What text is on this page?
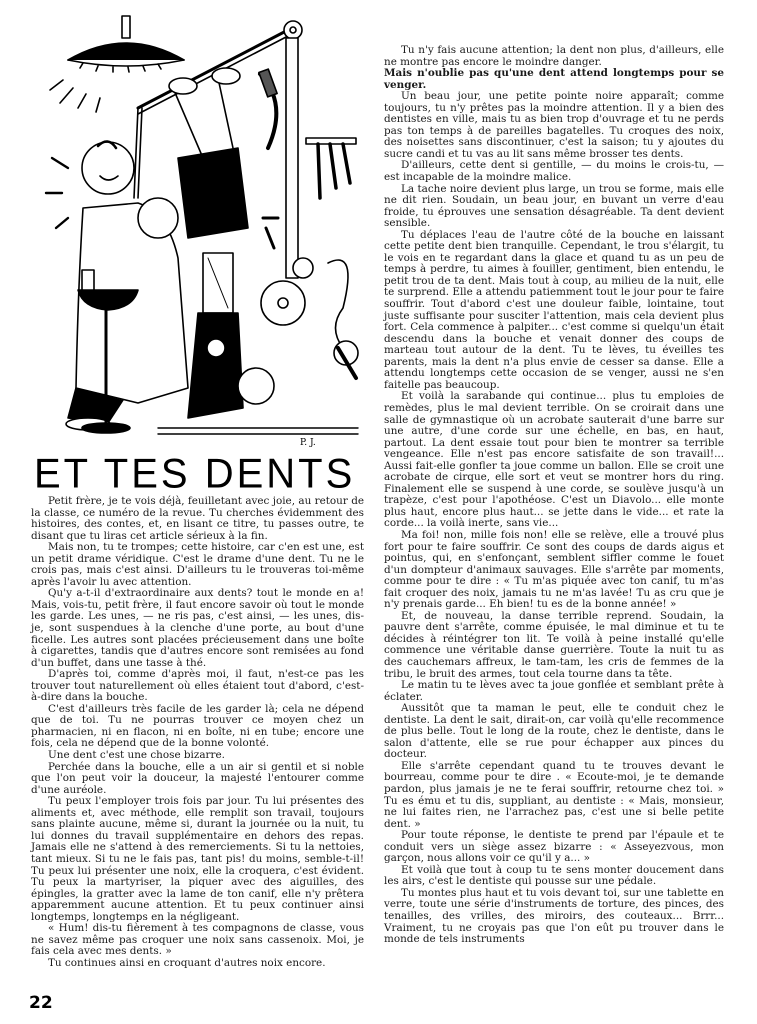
P. J.
ET TES DENTS

Petit frère, je te vois déjà, feuilletant avec joie, au retour de la classe, ce numéro de la revue. Tu cherches évidemment des histoires, des contes, et, en lisant ce titre, tu passes outre, te disant que tu liras cet article sérieux à la fin.

Mais non, tu te trompes; cette histoire, car c'en est une, est un petit drame véridique. C'est le drame d'une dent. Tu ne le crois pas, mais c'est ainsi. D'ailleurs tu le trouveras toi-même après l'avoir lu avec attention.

Qu'y a-t-il d'extraordinaire aux dents? tout le monde en a! Mais, vois-tu, petit frère, il faut encore savoir où tout le monde les garde. Les unes, — ne ris pas, c'est ainsi, — les unes, dis-je, sont suspendues à la clenche d'une porte, au bout d'une ficelle. Les autres sont placées précieusement dans une boîte à cigarettes, tandis que d'autres encore sont remisées au fond d'un buffet, dans une tasse à thé.

D'après toi, comme d'après moi, il faut, n'est-ce pas les trouver tout naturellement où elles étaient tout d'abord, c'est-à-dire dans la bouche.

C'est d'ailleurs très facile de les garder là; cela ne dépend que de toi. Tu ne pourras trouver ce moyen chez un pharmacien, ni en flacon, ni en boîte, ni en tube; encore une fois, cela ne dépend que de la bonne volonté.

Une dent c'est une chose bizarre.

Perchée dans la bouche, elle a un air si gentil et si noble que l'on peut voir la douceur, la majesté l'entourer comme d'une auréole.

Tu peux l'employer trois fois par jour. Tu lui présentes des aliments et, avec méthode, elle remplit son travail, toujours sans plainte aucune, même si, durant la journée ou la nuit, tu lui donnes du travail supplémentaire en dehors des repas. Jamais elle ne s'attend à des remerciements. Si tu la nettoies, tant mieux. Si tu ne le fais pas, tant pis! du moins, semble-t-il! Tu peux lui présenter une noix, elle la croquera, c'est évident. Tu peux la martyriser, la piquer avec des aiguilles, des épingles, la gratter avec la lame de ton canif, elle n'y prêtera apparemment aucune attention. Et tu peux continuer ainsi longtemps, longtemps en la négligeant.

« Hum! dis-tu fièrement à tes compagnons de classe, vous ne savez même pas croquer une noix sans cassenoix. Moi, je fais cela avec mes dents. »

Tu continues ainsi en croquant d'autres noix encore.

Tu n'y fais aucune attention; la dent non plus, d'ailleurs, elle ne montre pas encore le moindre danger.

Mais n'oublie pas qu'une dent attend longtemps pour se venger.

Un beau jour, une petite pointe noire apparaît; comme toujours, tu n'y prêtes pas la moindre attention. Il y a bien des dentistes en ville, mais tu as bien trop d'ouvrage et tu ne perds pas ton temps à de pareilles bagatelles. Tu croques des noix, des noisettes sans discontinuer, c'est la saison; tu y ajoutes du sucre candi et tu vas au lit sans même brosser tes dents.

D'ailleurs, cette dent si gentille, — du moins le crois-tu, — est incapable de la moindre malice.

La tache noire devient plus large, un trou se forme, mais elle ne dit rien. Soudain, un beau jour, en buvant un verre d'eau froide, tu éprouves une sensation désagréable. Ta dent devient sensible.

Tu déplaces l'eau de l'autre côté de la bouche en laissant cette petite dent bien tranquille. Cependant, le trou s'élargit, tu le vois en te regardant dans la glace et quand tu as un peu de temps à perdre, tu aimes à fouiller, gentiment, bien entendu, le petit trou de ta dent. Mais tout à coup, au milieu de la nuit, elle te surprend. Elle a attendu patiemment tout le jour pour te faire souffrir. Tout d'abord c'est une douleur faible, lointaine, tout juste suffisante pour susciter l'attention, mais cela devient plus fort. Cela commence à palpiter... c'est comme si quelqu'un était descendu dans la bouche et venait donner des coups de marteau tout autour de la dent. Tu te lèves, tu éveilles tes parents, mais la dent n'a plus envie de cesser sa danse. Elle a attendu longtemps cette occasion de se venger, aussi ne s'en faitelle pas beaucoup.

Et voilà la sarabande qui continue... plus tu emploies de remèdes, plus le mal devient terrible. On se croirait dans une salle de gymnastique où un acrobate sauterait d'une barre sur une autre, d'une corde sur une échelle, en bas, en haut, partout. La dent essaie tout pour bien te montrer sa terrible vengeance. Elle n'est pas encore satisfaite de son travail!... Aussi fait-elle gonfler ta joue comme un ballon. Elle se croit une acrobate de cirque, elle sort et veut se montrer hors du ring. Finalement elle se suspend à une corde, se soulève jusqu'à un trapèze, c'est pour l'apothéose. C'est un Diavolo... elle monte plus haut, encore plus haut... se jette dans le vide... et rate la corde... la voilà inerte, sans vie...

Ma foi! non, mille fois non! elle se relève, elle a trouvé plus fort pour te faire souffrir. Ce sont des coups de dards aigus et pointus, qui, en s'enfonçant, semblent siffler comme le fouet d'un dompteur d'animaux sauvages. Elle s'arrête par moments, comme pour te dire : « Tu m'as piquée avec ton canif, tu m'as fait croquer des noix, jamais tu ne m'as lavée! Tu as cru que je n'y prenais garde... Eh bien! tu es de la bonne année! »

Et, de nouveau, la danse terrible reprend. Soudain, la pauvre dent s'arrête, comme épuisée, le mal diminue et tu te décides à réintégrer ton lit. Te voilà à peine installé qu'elle commence une véritable danse guerrière. Toute la nuit tu as des cauchemars affreux, le tam-tam, les cris de femmes de la tribu, le bruit des armes, tout cela tourne dans ta tête.

Le matin tu te lèves avec ta joue gonflée et semblant prête à éclater.

Aussitôt que ta maman le peut, elle te conduit chez le dentiste. La dent le sait, dirait-on, car voilà qu'elle recommence de plus belle. Tout le long de la route, chez le dentiste, dans le salon d'attente, elle se rue pour échapper aux pinces du docteur.

Elle s'arrête cependant quand tu te trouves devant le bourreau, comme pour te dire . « Ecoute-moi, je te demande pardon, plus jamais je ne te ferai souffrir, retourne chez toi. » Tu es ému et tu dis, suppliant, au dentiste : « Mais, monsieur, ne lui faites rien, ne l'arrachez pas, c'est une si belle petite dent. »

Pour toute réponse, le dentiste te prend par l'épaule et te conduit vers un siège assez bizarre : « Asseyezvous, mon garçon, nous allons voir ce qu'il y a... »

Et voilà que tout à coup tu te sens monter doucement dans les airs, c'est le dentiste qui pousse sur une pédale.

Tu montes plus haut et tu vois devant toi, sur une tablette en verre, toute une série d'instruments de torture, des pinces, des tenailles, des vrilles, des miroirs, des couteaux... Brrr... Vraiment, tu ne croyais pas que l'on eût pu trouver dans le monde de tels instruments

22
